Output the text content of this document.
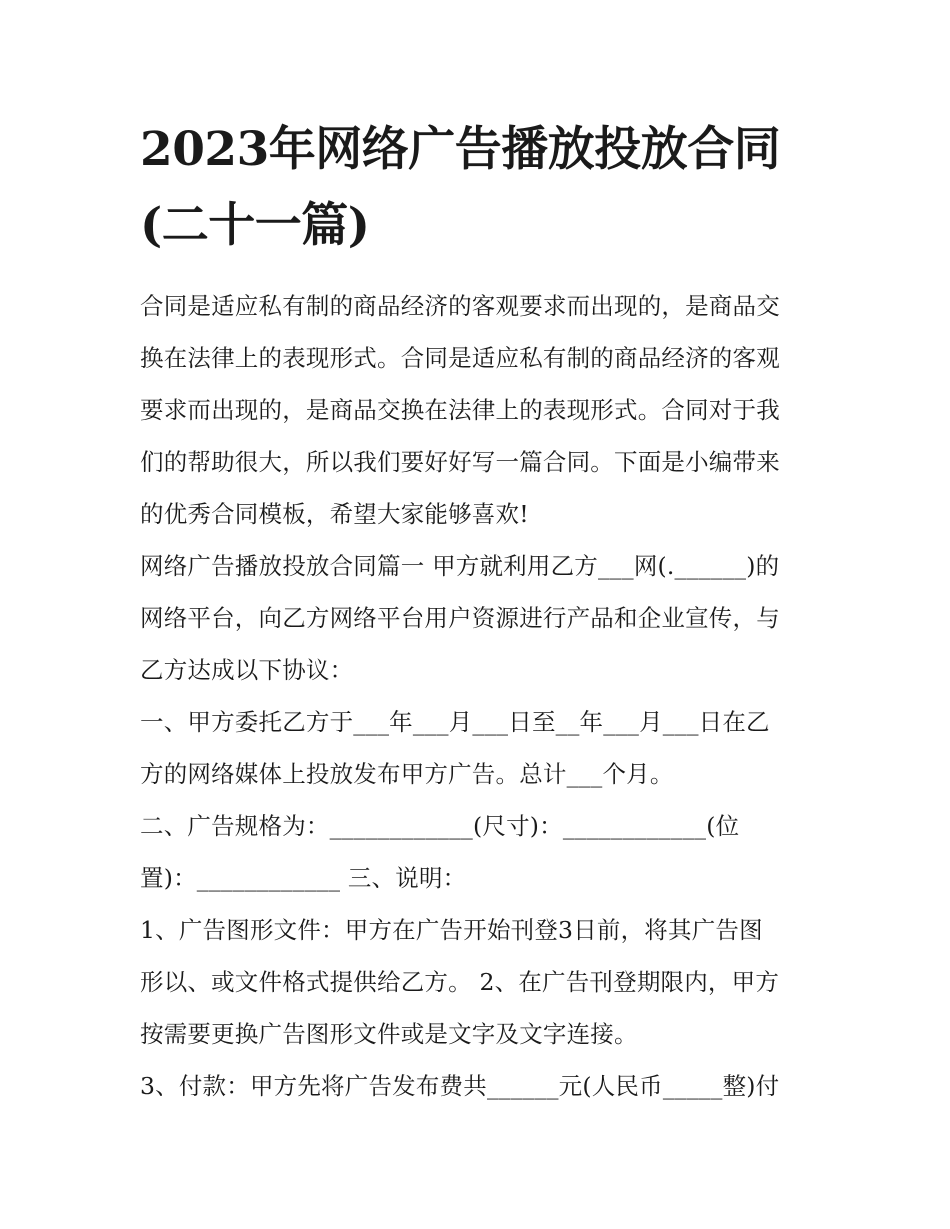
2023年网络广告播放投放合同
(二十一篇)

合同是适应私有制的商品经济的客观要求而出现的，是商品交
换在法律上的表现形式。合同是适应私有制的商品经济的客观
要求而出现的，是商品交换在法律上的表现形式。合同对于我
们的帮助很大，所以我们要好好写一篇合同。下面是小编带来
的优秀合同模板，希望大家能够喜欢!

网络广告播放投放合同篇一 甲方就利用乙方___网(.______)的
网络平台，向乙方网络平台用户资源进行产品和企业宣传，与
乙方达成以下协议：

一、甲方委托乙方于___年___月___日至__年___月___日在乙
方的网络媒体上投放发布甲方广告。总计___个月。

二、广告规格为：____________(尺寸)：____________(位
置)：____________ 三、说明：

1、广告图形文件：甲方在广告开始刊登3日前，将其广告图
形以、或文件格式提供给乙方。 2、在广告刊登期限内，甲方
按需要更换广告图形文件或是文字及文字连接。

3、付款：甲方先将广告发布费共______元(人民币_____整)付
